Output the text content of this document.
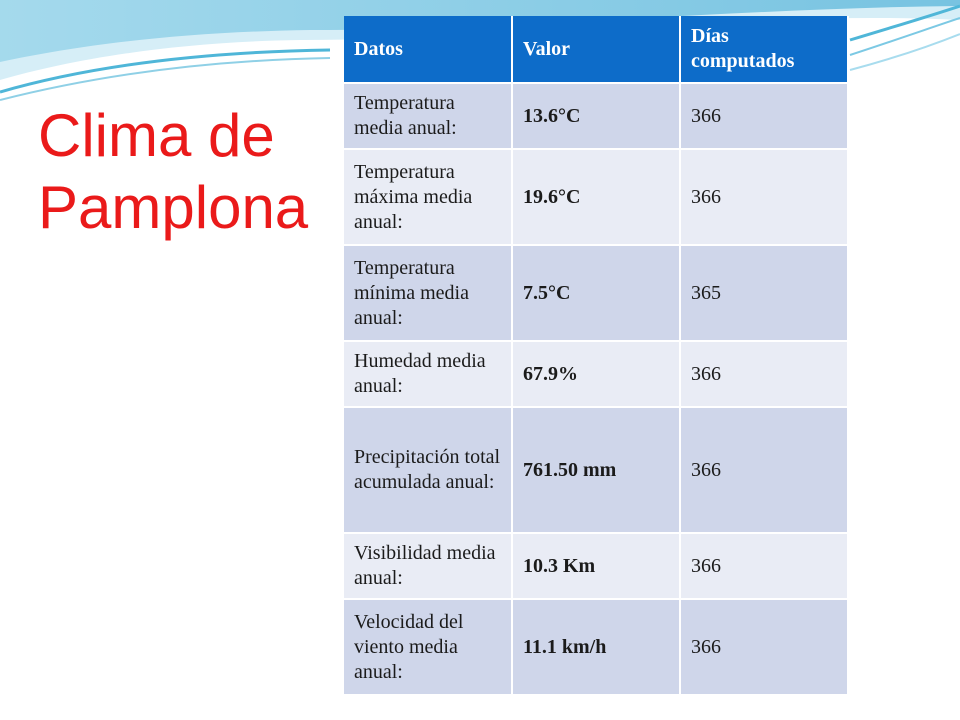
Clima de
Pamplona
Datos	Valor	Días computados
Temperatura media anual:	13.6°C	366
Temperatura máxima media anual:	19.6°C	366
Temperatura mínima media anual:	7.5°C	365
Humedad media anual:	67.9%	366
Precipitación total acumulada anual:	761.50 mm	366
Visibilidad media anual:	10.3 Km	366
Velocidad del viento media anual:	11.1 km/h	366
